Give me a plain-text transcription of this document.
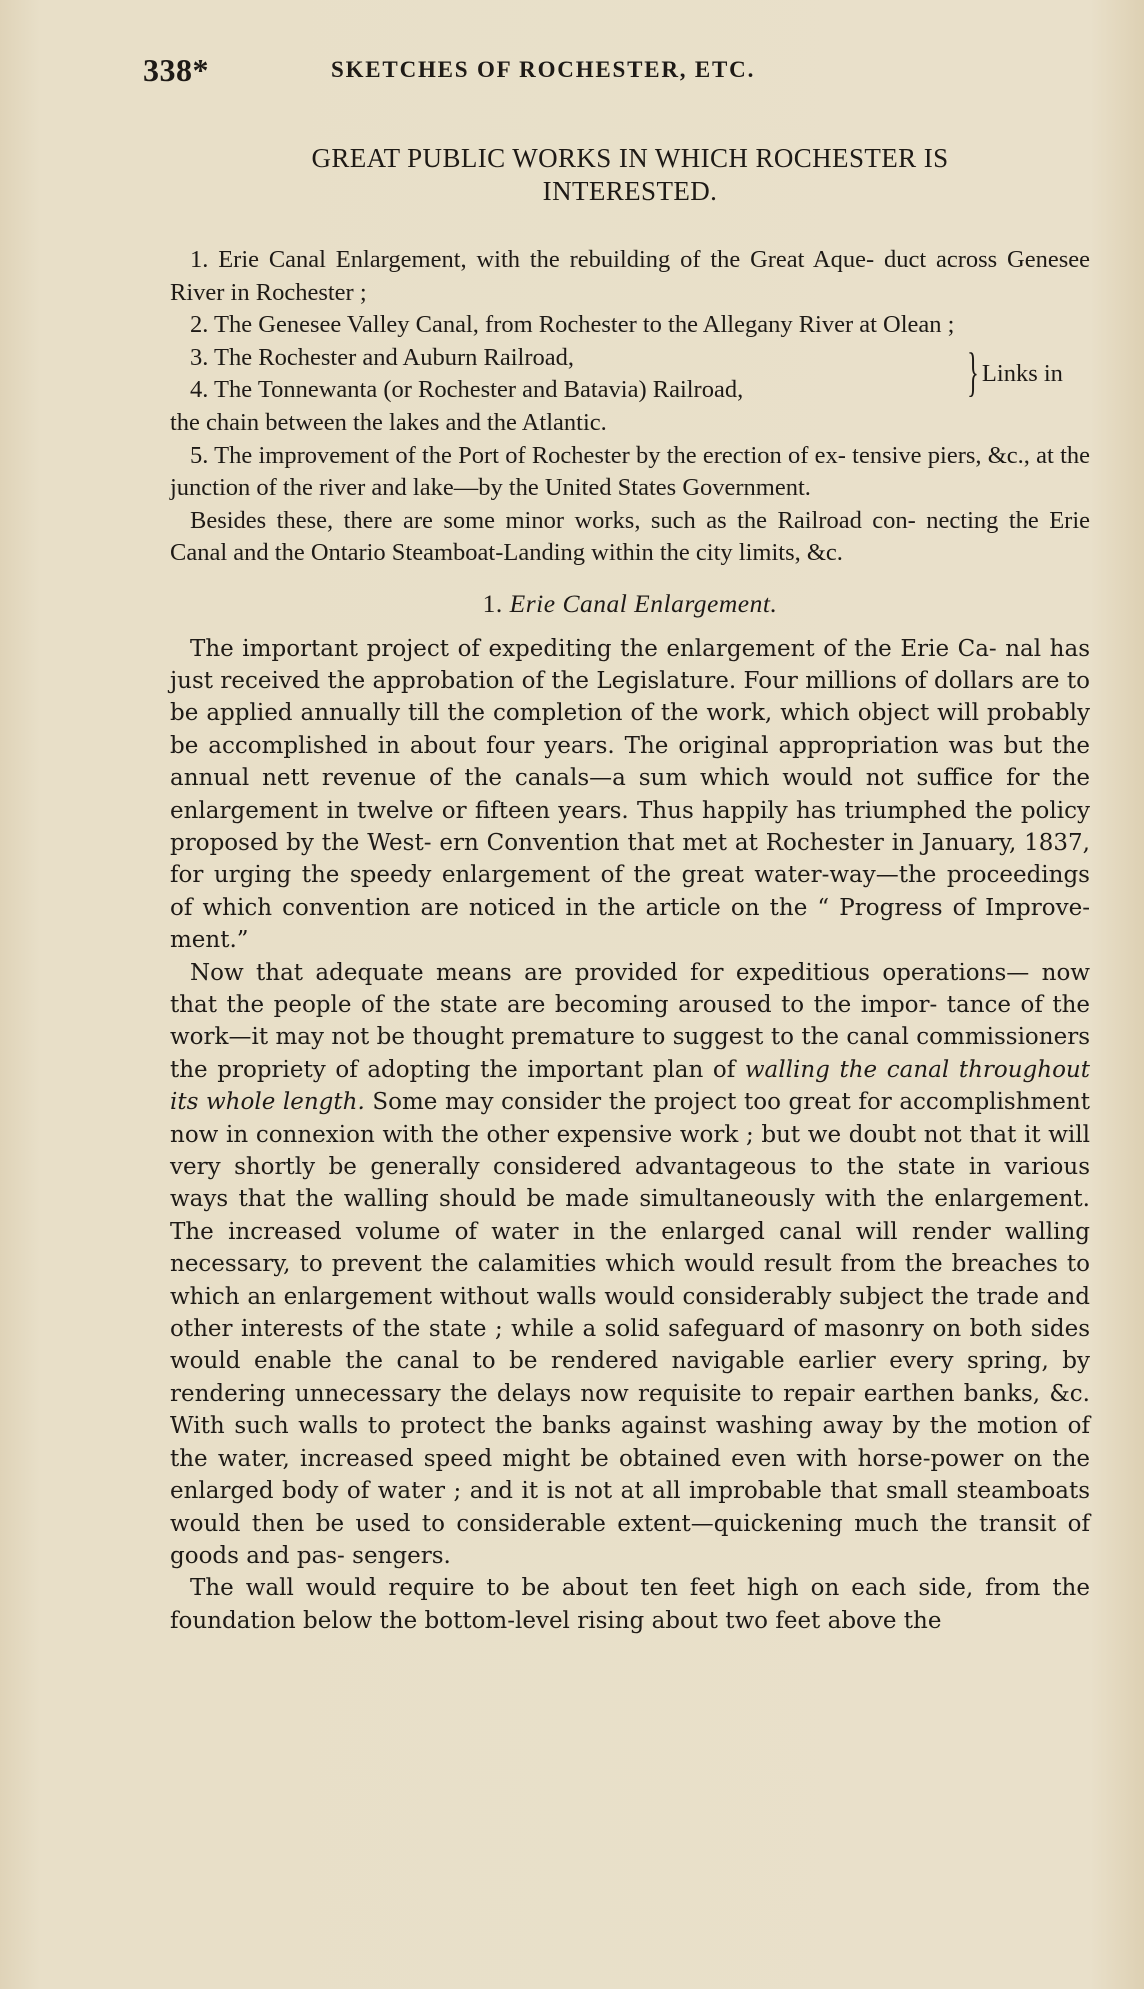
338*	SKETCHES OF ROCHESTER, ETC.
GREAT PUBLIC WORKS IN WHICH ROCHESTER IS
INTERESTED.

1. Erie Canal Enlargement, with the rebuilding of the Great Aque- duct across Genesee River in Rochester ;

2. The Genesee Valley Canal, from Rochester to the Allegany River at Olean ;

3. The Rochester and Auburn Railroad,
4. The Tonnewanta (or Rochester and Batavia) Railroad,	} Links in

the chain between the lakes and the Atlantic.

5. The improvement of the Port of Rochester by the erection of ex- tensive piers, &c., at the junction of the river and lake—by the United States Government.

Besides these, there are some minor works, such as the Railroad con- necting the Erie Canal and the Ontario Steamboat-Landing within the city limits, &c.

1. Erie Canal Enlargement.

The important project of expediting the enlargement of the Erie Ca- nal has just received the approbation of the Legislature. Four millions of dollars are to be applied annually till the completion of the work, which object will probably be accomplished in about four years. The original appropriation was but the annual nett revenue of the canals—a sum which would not suffice for the enlargement in twelve or fifteen years. Thus happily has triumphed the policy proposed by the West- ern Convention that met at Rochester in January, 1837, for urging the speedy enlargement of the great water-way—the proceedings of which convention are noticed in the article on the “ Progress of Improve- ment.”

Now that adequate means are provided for expeditious operations— now that the people of the state are becoming aroused to the impor- tance of the work—it may not be thought premature to suggest to the canal commissioners the propriety of adopting the important plan of walling the canal throughout its whole length. Some may consider the project too great for accomplishment now in connexion with the other expensive work ; but we doubt not that it will very shortly be generally considered advantageous to the state in various ways that the walling should be made simultaneously with the enlargement. The increased volume of water in the enlarged canal will render walling necessary, to prevent the calamities which would result from the breaches to which an enlargement without walls would considerably subject the trade and other interests of the state ; while a solid safeguard of masonry on both sides would enable the canal to be rendered navigable earlier every spring, by rendering unnecessary the delays now requisite to repair earthen banks, &c. With such walls to protect the banks against washing away by the motion of the water, increased speed might be obtained even with horse-power on the enlarged body of water ; and it is not at all improbable that small steamboats would then be used to considerable extent—quickening much the transit of goods and pas- sengers.

The wall would require to be about ten feet high on each side, from the foundation below the bottom-level rising about two feet above the
